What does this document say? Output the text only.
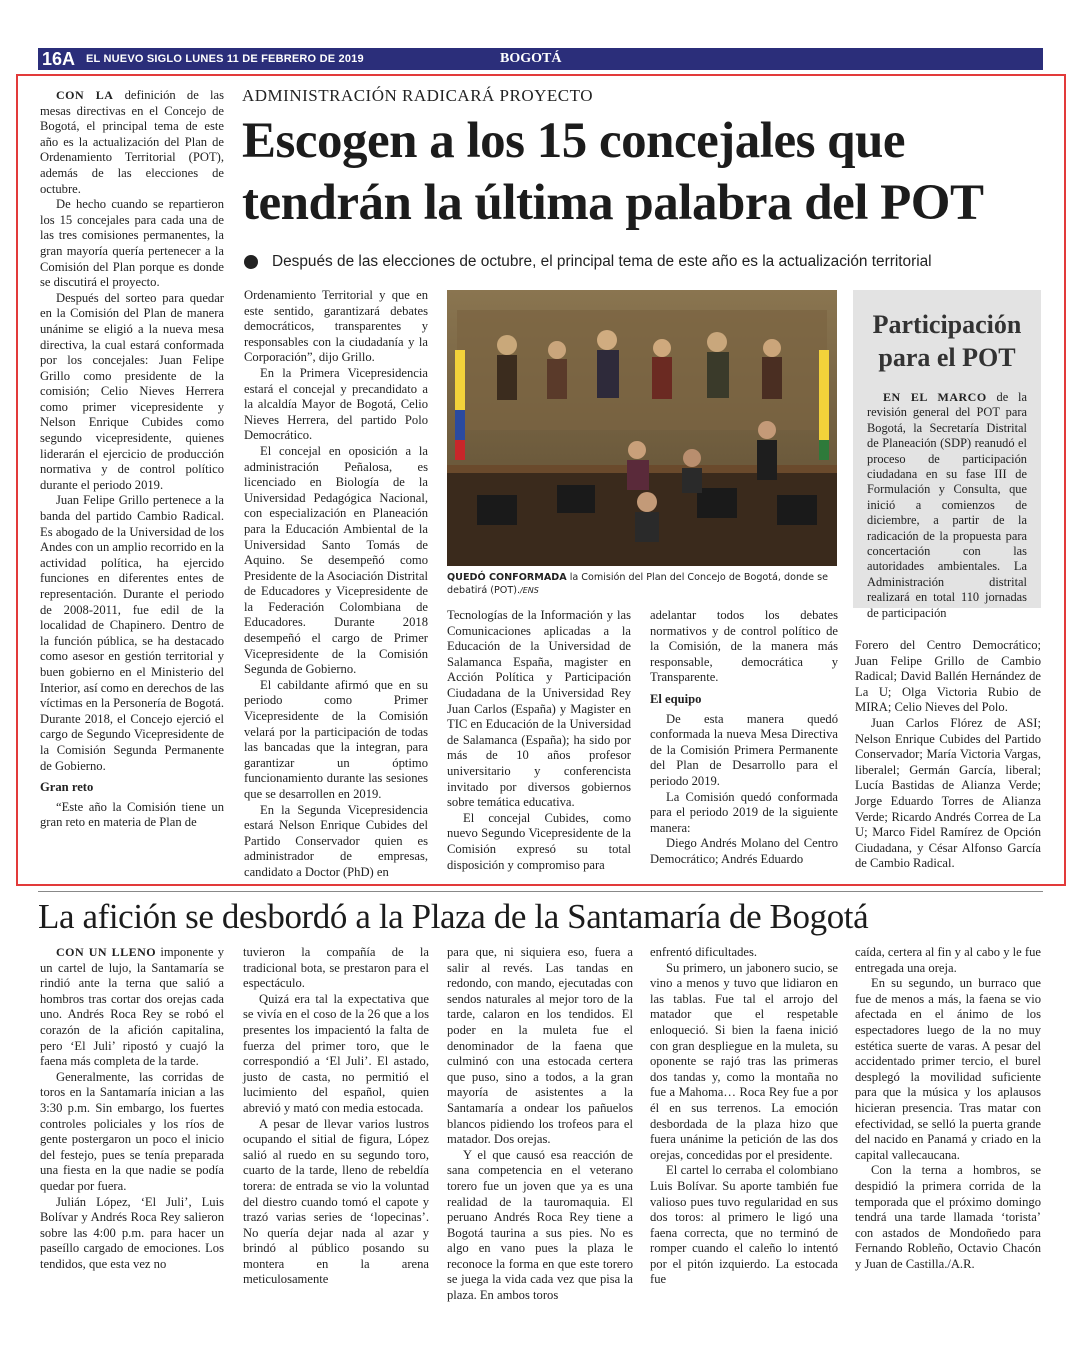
16A EL NUEVO SIGLO LUNES 11 DE FEBRERO DE 2019	BOGOTÁ
ADMINISTRACIÓN RADICARÁ PROYECTO
Escogen a los 15 concejales que
tendrán la última palabra del POT
Después de las elecciones de octubre, el principal tema de este año es la actualización territorial

CON LA definición de las mesas directivas en el Concejo de Bogotá, el principal tema de este año es la actualización del Plan de Ordenamiento Territorial (POT), además de las elecciones de octubre.

De hecho cuando se repartieron los 15 concejales para cada una de las tres comisiones permanentes, la gran mayoría quería pertenecer a la Comisión del Plan porque es donde se discutirá el proyecto.

Después del sorteo para quedar en la Comisión del Plan de manera unánime se eligió a la nueva mesa directiva, la cual estará conformada por los concejales: Juan Felipe Grillo como presidente de la comisión; Celio Nieves Herrera como primer vicepresidente y Nelson Enrique Cubides como segundo vicepresidente, quienes liderarán el ejercicio de producción normativa y de control político durante el periodo 2019.

Juan Felipe Grillo pertenece a la banda del partido Cambio Radical. Es abogado de la Universidad de los Andes con un amplio recorrido en la actividad política, ha ejercido funciones en diferentes entes de representación. Durante el periodo de 2008-2011, fue edil de la localidad de Chapinero. Dentro de la función pública, se ha destacado como asesor en gestión territorial y buen gobierno en el Ministerio del Interior, así como en derechos de las víctimas en la Personería de Bogotá. Durante 2018, el Concejo ejerció el cargo de Segundo Vicepresidente de la Comisión Segunda Permanente de Gobierno.

Gran reto

“Este año la Comisión tiene un gran reto en materia de Plan de

Ordenamiento Territorial y que en este sentido, garantizará debates democráticos, transparentes y responsables con la ciudadanía y la Corporación”, dijo Grillo.

En la Primera Vicepresidencia estará el concejal y precandidato a la alcaldía Mayor de Bogotá, Celio Nieves Herrera, del partido Polo Democrático.

El concejal en oposición a la administración Peñalosa, es licenciado en Biología de la Universidad Pedagógica Nacional, con especialización en Planeación para la Educación Ambiental de la Universidad Santo Tomás de Aquino. Se desempeñó como Presidente de la Asociación Distrital de Educadores y Vicepresidente de la Federación Colombiana de Educadores. Durante 2018 desempeñó el cargo de Primer Vicepresidente de la Comisión Segunda de Gobierno.

El cabildante afirmó que en su periodo como Primer Vicepresidente de la Comisión velará por la participación de todas las bancadas que la integran, para garantizar un óptimo funcionamiento durante las sesiones que se desarrollen en 2019.

En la Segunda Vicepresidencia estará Nelson Enrique Cubides del Partido Conservador quien es administrador de empresas, candidato a Doctor (PhD) en

QUEDÓ CONFORMADA la Comisión del Plan del Concejo de Bogotá, donde se debatirá (POT)./ENS

Tecnologías de la Información y las Comunicaciones aplicadas a la Educación de la Universidad de Salamanca España, magister en Acción Política y Participación Ciudadana de la Universidad Rey Juan Carlos (España) y Magister en TIC en Educación de la Universidad de Salamanca (España); ha sido por más de 10 años profesor universitario y conferencista invitado por diversos gobiernos sobre temática educativa.

El concejal Cubides, como nuevo Segundo Vicepresidente de la Comisión expresó su total disposición y compromiso para

adelantar todos los debates normativos y de control político de la Comisión, de la manera más responsable, democrática y Transparente.

El equipo

De esta manera quedó conformada la nueva Mesa Directiva de la Comisión Primera Permanente del Plan de Desarrollo para el periodo 2019.

La Comisión quedó conformada para el periodo 2019 de la siguiente manera:

Diego Andrés Molano del Centro Democrático; Andrés Eduardo

Participación
para el POT

EN EL MARCO de la revisión general del POT para Bogotá, la Secretaría Distrital de Planeación (SDP) reanudó el proceso de participación ciudadana en su fase III de Formulación y Consulta, que inició a comienzos de diciembre, a partir de la radicación de la propuesta para concertación con las autoridades ambientales. La Administración distrital realizará en total 110 jornadas de participación

Forero del Centro Democrático; Juan Felipe Grillo de Cambio Radical; David Ballén Hernández de La U; Olga Victoria Rubio de MIRA; Celio Nieves del Polo.

Juan Carlos Flórez de ASI; Nelson Enrique Cubides del Partido Conservador; María Victoria Vargas, liberalel; Germán García, liberal; Lucía Bastidas de Alianza Verde; Jorge Eduardo Torres de Alianza Verde; Ricardo Andrés Correa de La U; Marco Fidel Ramírez de Opción Ciudadana, y César Alfonso García de Cambio Radical.

La afición se desbordó a la Plaza de la Santamaría de Bogotá

CON UN LLENO imponente y un cartel de lujo, la Santamaría se rindió ante la terna que salió a hombros tras cortar dos orejas cada uno. Andrés Roca Rey se robó el corazón de la afición capitalina, pero ‘El Juli’ ripostó y cuajó la faena más completa de la tarde.

Generalmente, las corridas de toros en la Santamaría inician a las 3:30 p.m. Sin embargo, los fuertes controles policiales y los ríos de gente postergaron un poco el inicio del festejo, pues se tenía preparada una fiesta en la que nadie se podía quedar por fuera.

Julián López, ‘El Juli’, Luis Bolívar y Andrés Roca Rey salieron sobre las 4:00 p.m. para hacer un paseíllo cargado de emociones. Los tendidos, que esta vez no

tuvieron la compañía de la tradicional bota, se prestaron para el espectáculo.

Quizá era tal la expectativa que se vivía en el coso de la 26 que a los presentes los impacientó la falta de fuerza del primer toro, que le correspondió a ‘El Juli’. El astado, justo de casta, no permitió el lucimiento del español, quien abrevió y mató con media estocada.

A pesar de llevar varios lustros ocupando el sitial de figura, López salió al ruedo en su segundo toro, cuarto de la tarde, lleno de rebeldía torera: de entrada se vio la voluntad del diestro cuando tomó el capote y trazó varias series de ‘lopecinas’. No quería dejar nada al azar y brindó al público posando su montera en la arena meticulosamente

para que, ni siquiera eso, fuera a salir al revés. Las tandas en redondo, con mando, ejecutadas con sendos naturales al mejor toro de la tarde, calaron en los tendidos. El poder en la muleta fue el denominador de la faena que culminó con una estocada certera que puso, sino a todos, a la gran mayoría de asistentes a la Santamaría a ondear los pañuelos blancos pidiendo los trofeos para el matador. Dos orejas.

Y el que causó esa reacción de sana competencia en el veterano torero fue un joven que ya es una realidad de la tauromaquia. El peruano Andrés Roca Rey tiene a Bogotá taurina a sus pies. No es algo en vano pues la plaza le reconoce la forma en que este torero se juega la vida cada vez que pisa la plaza. En ambos toros

enfrentó dificultades.

Su primero, un jabonero sucio, se vino a menos y tuvo que lidiaron en las tablas. Fue tal el arrojo del matador que el respetable enloqueció. Si bien la faena inició con gran despliegue en la muleta, su oponente se rajó tras las primeras dos tandas y, como la montaña no fue a Mahoma… Roca Rey fue a por él en sus terrenos. La emoción desbordada de la plaza hizo que fuera unánime la petición de las dos orejas, concedidas por el presidente.

El cartel lo cerraba el colombiano Luis Bolívar. Su aporte también fue valioso pues tuvo regularidad en sus dos toros: al primero le ligó una faena correcta, que no terminó de romper cuando el caleño lo intentó por el pitón izquierdo. La estocada fue

caída, certera al fin y al cabo y le fue entregada una oreja.

En su segundo, un burraco que fue de menos a más, la faena se vio afectada en el ánimo de los espectadores luego de la no muy estética suerte de varas. A pesar del accidentado primer tercio, el burel desplegó la movilidad suficiente para que la música y los aplausos hicieran presencia. Tras matar con efectividad, se selló la puerta grande del nacido en Panamá y criado en la capital vallecaucana.

Con la terna a hombros, se despidió la primera corrida de la temporada que el próximo domingo tendrá una tarde llamada ‘torista’ con astados de Mondoñedo para Fernando Robleño, Octavio Chacón y Juan de Castilla./A.R.
